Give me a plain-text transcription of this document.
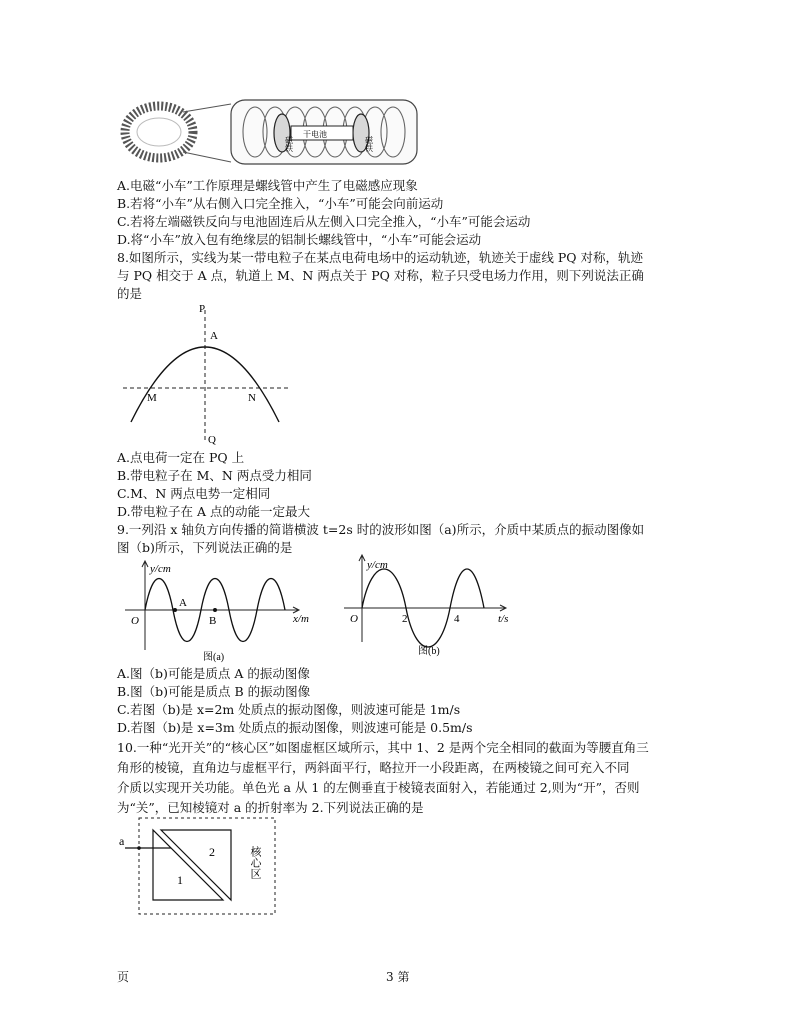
磁铁
干电池
磁铁
A.电磁“小车”工作原理是螺线管中产生了电磁感应现象
B.若将“小车”从右侧入口完全推入，“小车”可能会向前运动
C.若将左端磁铁反向与电池固连后从左侧入口完全推入，“小车”可能会运动
D.将“小车”放入包有绝缘层的铝制长螺线管中，“小车”可能会运动
8.如图所示，实线为某一带电粒子在某点电荷电场中的运动轨迹，轨迹关于虚线 PQ 对称，轨迹
与 PQ 相交于 A 点，轨道上 M、N 两点关于 PQ 对称，粒子只受电场力作用，则下列说法正确
的是
P
A
M	N
Q
A.点电荷一定在 PQ 上
B.带电粒子在 M、N 两点受力相同
C.M、N 两点电势一定相同
D.带电粒子在 A 点的动能一定最大
9.一列沿 x 轴负方向传播的简谐横波 t=2s 时的波形如图（a)所示，介质中某质点的振动图像如
图（b)所示，下列说法正确的是
y/cm
O
A
B	x/m
图(a)
y/cm
O	2	4	t/s
图(b)
A.图（b)可能是质点 A 的振动图像
B.图（b)可能是质点 B 的振动图像
C.若图（b)是 x=2m 处质点的振动图像，则波速可能是 1m/s
D.若图（b)是 x=3m 处质点的振动图像，则波速可能是 0.5m/s
10.一种“光开关”的“核心区”如图虚框区域所示，其中 1、2 是两个完全相同的截面为等腰直角三
角形的棱镜，直角边与虚框平行，两斜面平行，略拉开一小段距离，在两棱镜之间可充入不同
介质以实现开关功能。单色光 a 从 1 的左侧垂直于棱镜表面射入，若能通过 2,则为“开”，否则
为“关”，已知棱镜对 a 的折射率为 2.下列说法正确的是
a
1
2	核心区
页	3 第
